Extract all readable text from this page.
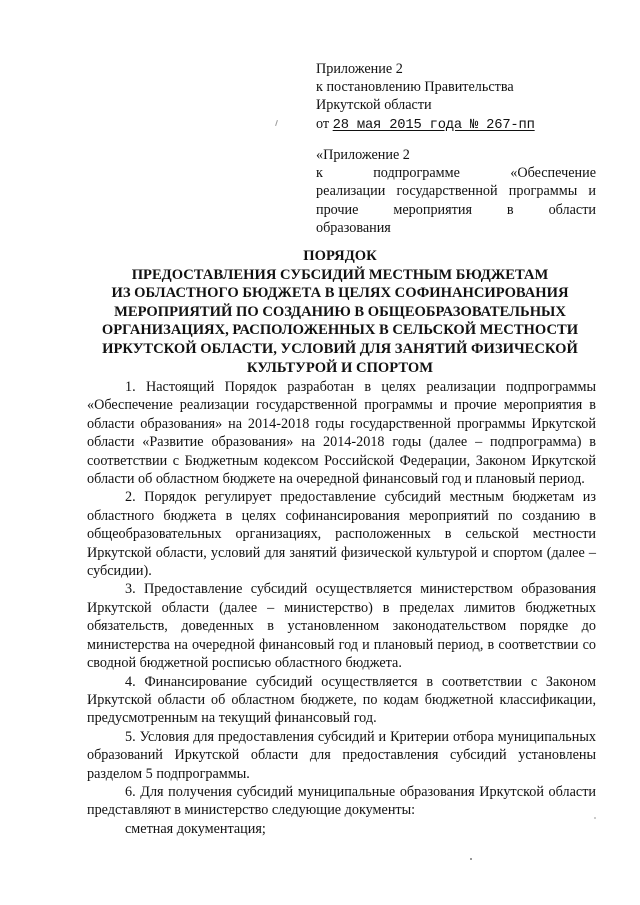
Приложение 2
к постановлению Правительства
Иркутской области
от 28 мая 2015 года № 267-пп
«Приложение 2
к подпрограмме «Обеспечение
реализации государственной программы и
прочие мероприятия в области
образования
ПОРЯДОК
ПРЕДОСТАВЛЕНИЯ СУБСИДИЙ МЕСТНЫМ БЮДЖЕТАМ
ИЗ ОБЛАСТНОГО БЮДЖЕТА В ЦЕЛЯХ СОФИНАНСИРОВАНИЯ
МЕРОПРИЯТИЙ ПО СОЗДАНИЮ В ОБЩЕОБРАЗОВАТЕЛЬНЫХ
ОРГАНИЗАЦИЯХ, РАСПОЛОЖЕННЫХ В СЕЛЬСКОЙ МЕСТНОСТИ
ИРКУТСКОЙ ОБЛАСТИ, УСЛОВИЙ ДЛЯ ЗАНЯТИЙ ФИЗИЧЕСКОЙ
КУЛЬТУРОЙ И СПОРТОМ

1. Настоящий Порядок разработан в целях реализации подпрограммы «Обеспечение реализации государственной программы и прочие мероприятия в области образования» на 2014-2018 годы государственной программы Иркутской области «Развитие образования» на 2014-2018 годы (далее – подпрограмма) в соответствии с Бюджетным кодексом Российской Федерации, Законом Иркутской области об областном бюджете на очередной финансовый год и плановый период.

2. Порядок регулирует предоставление субсидий местным бюджетам из областного бюджета в целях софинансирования мероприятий по созданию в общеобразовательных организациях, расположенных в сельской местности Иркутской области, условий для занятий физической культурой и спортом (далее – субсидии).

3. Предоставление субсидий осуществляется министерством образования Иркутской области (далее – министерство) в пределах лимитов бюджетных обязательств, доведенных в установленном законодательством порядке до министерства на очередной финансовый год и плановый период, в соответствии со сводной бюджетной росписью областного бюджета.

4. Финансирование субсидий осуществляется в соответствии с Законом Иркутской области об областном бюджете, по кодам бюджетной классификации, предусмотренным на текущий финансовый год.

5. Условия для предоставления субсидий и Критерии отбора муниципальных образований Иркутской области для предоставления субсидий установлены разделом 5 подпрограммы.

6. Для получения субсидий муниципальные образования Иркутской области представляют в министерство следующие документы:

сметная документация;
